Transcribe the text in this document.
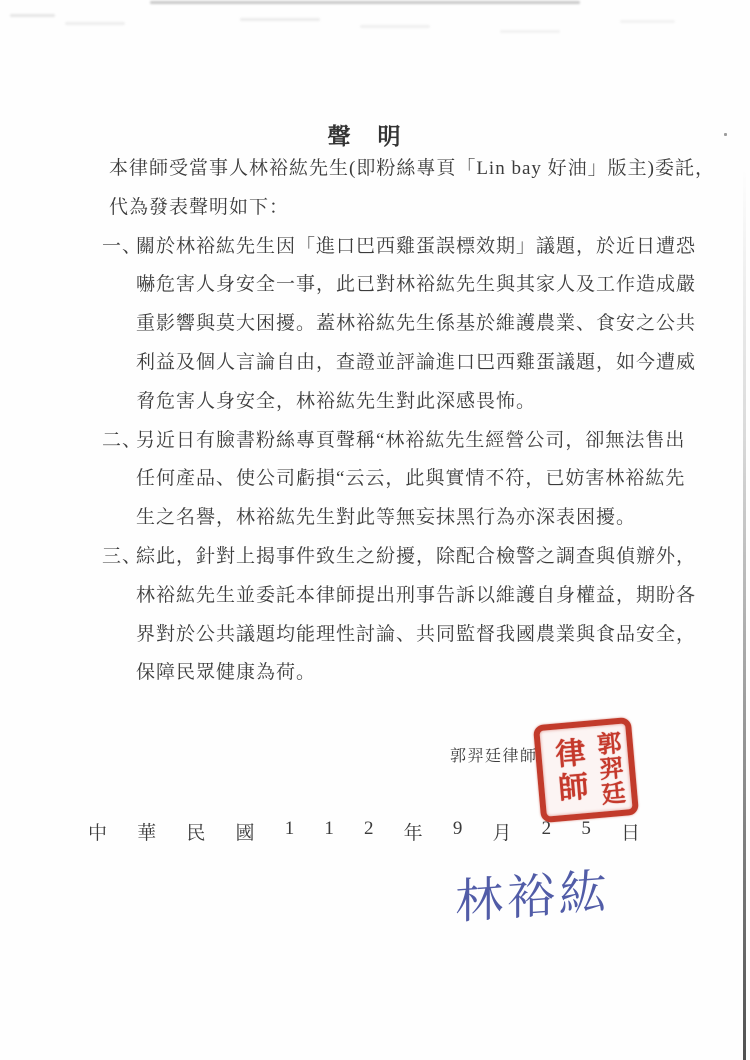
聲　明
本律師受當事人林裕紘先生(即粉絲專頁「Lin bay 好油」版主)委託，
代為發表聲明如下：
一、
關於林裕紘先生因「進口巴西雞蛋誤標效期」議題，於近日遭恐
嚇危害人身安全一事，此已對林裕紘先生與其家人及工作造成嚴
重影響與莫大困擾。蓋林裕紘先生係基於維護農業、食安之公共
利益及個人言論自由，查證並評論進口巴西雞蛋議題，如今遭威
脅危害人身安全，林裕紘先生對此深感畏怖。
二、
另近日有臉書粉絲專頁聲稱“林裕紘先生經營公司，卻無法售出
任何產品、使公司虧損“云云，此與實情不符，已妨害林裕紘先
生之名譽，林裕紘先生對此等無妄抹黑行為亦深表困擾。
三、
綜此，針對上揭事件致生之紛擾，除配合檢警之調查與偵辦外，
林裕紘先生並委託本律師提出刑事告訴以維護自身權益，期盼各
界對於公共議題均能理性討論、共同監督我國農業與食品安全，
保障民眾健康為荷。
郭羿廷律師 律師 郭羿廷
中 華 民 國 1 1 2 年 9 月 2 5 日
林裕紘
